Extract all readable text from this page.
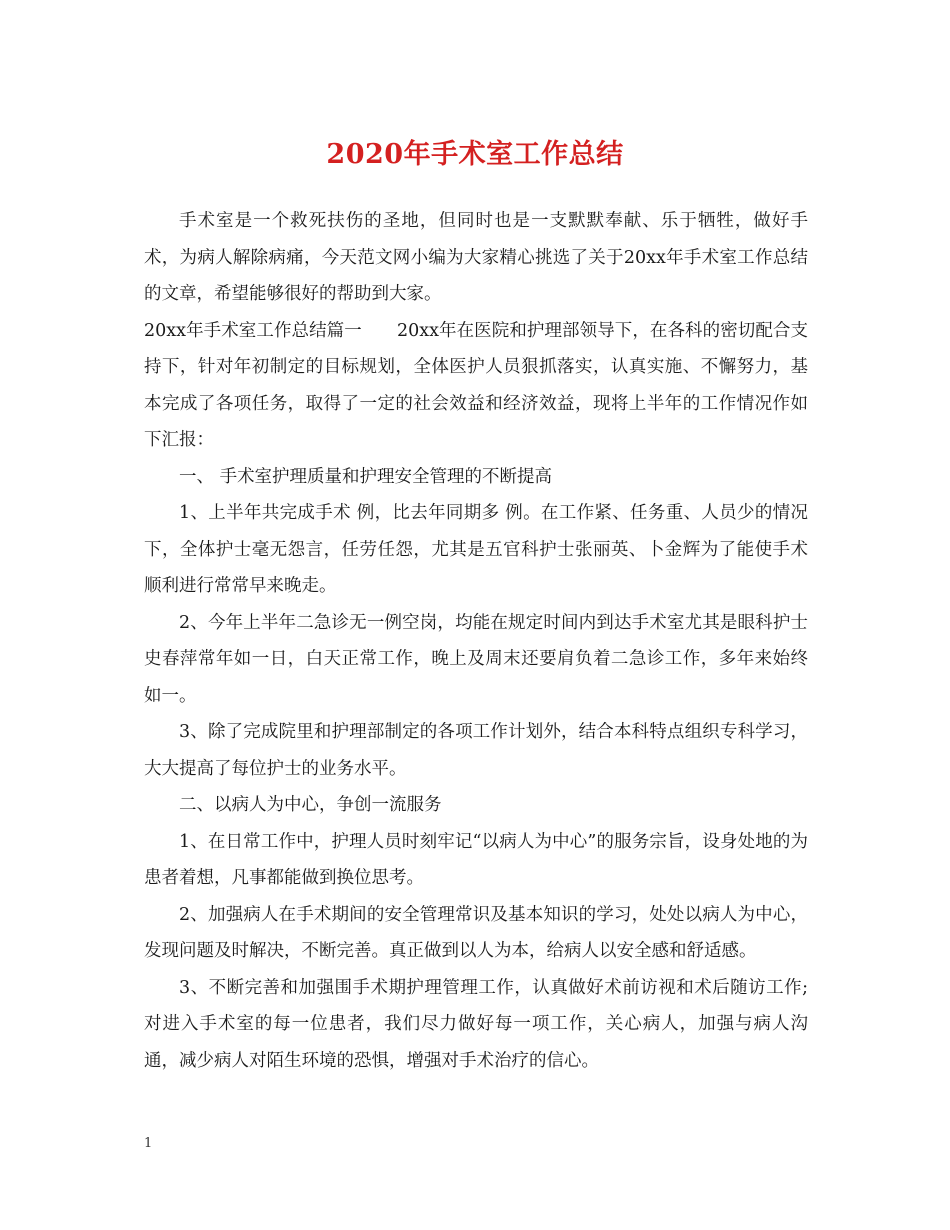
2020年手术室工作总结

手术室是一个救死扶伤的圣地，但同时也是一支默默奉献、乐于牺牲，做好手术，为病人解除病痛，今天范文网小编为大家精心挑选了关于20xx年手术室工作总结的文章，希望能够很好的帮助到大家。

20xx年手术室工作总结篇一　　20xx年在医院和护理部领导下，在各科的密切配合支持下，针对年初制定的目标规划，全体医护人员狠抓落实，认真实施、不懈努力，基本完成了各项任务，取得了一定的社会效益和经济效益，现将上半年的工作情况作如下汇报：

一、 手术室护理质量和护理安全管理的不断提高

1、上半年共完成手术 例，比去年同期多 例。在工作紧、任务重、人员少的情况下，全体护士毫无怨言，任劳任怨，尤其是五官科护士张丽英、卜金辉为了能使手术顺利进行常常早来晚走。

2、今年上半年二急诊无一例空岗，均能在规定时间内到达手术室尤其是眼科护士史春萍常年如一日，白天正常工作，晚上及周末还要肩负着二急诊工作，多年来始终如一。

3、除了完成院里和护理部制定的各项工作计划外，结合本科特点组织专科学习，大大提高了每位护士的业务水平。

二、以病人为中心，争创一流服务

1、在日常工作中，护理人员时刻牢记“以病人为中心”的服务宗旨，设身处地的为患者着想，凡事都能做到换位思考。

2、加强病人在手术期间的安全管理常识及基本知识的学习，处处以病人为中心，发现问题及时解决，不断完善。真正做到以人为本，给病人以安全感和舒适感。

3、不断完善和加强围手术期护理管理工作，认真做好术前访视和术后随访工作;对进入手术室的每一位患者，我们尽力做好每一项工作，关心病人，加强与病人沟通，减少病人对陌生环境的恐惧，增强对手术治疗的信心。

1
